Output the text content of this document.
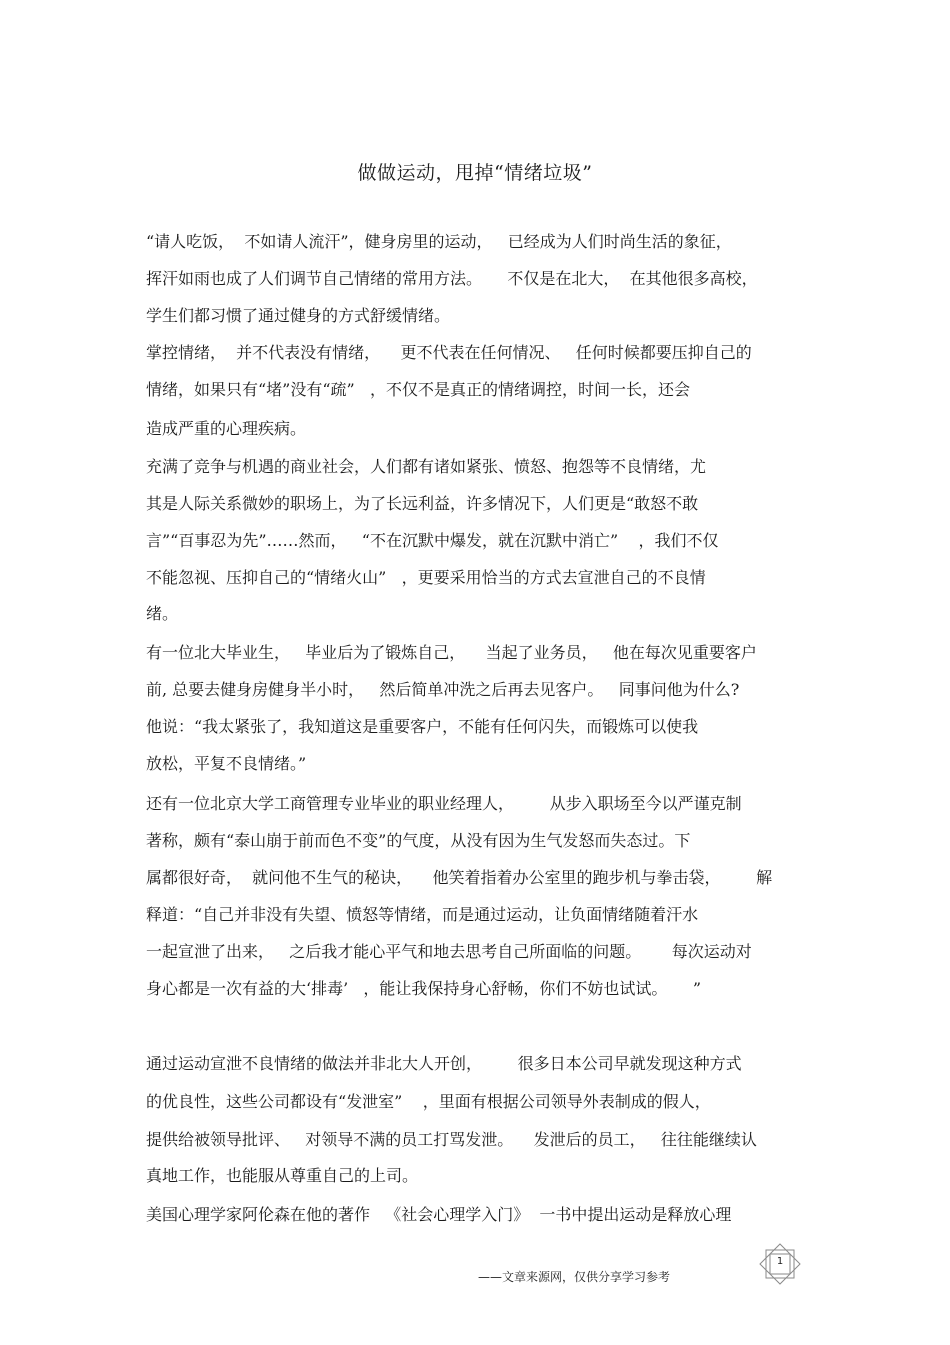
做做运动，甩掉“情绪垃圾”
“请人吃饭，  不如请人流汗”，健身房里的运动，   已经成为人们时尚生活的象征，
挥汗如雨也成了人们调节自己情绪的常用方法。     不仅是在北大，  在其他很多高校，
学生们都习惯了通过健身的方式舒缓情绪。
掌控情绪，  并不代表没有情绪，    更不代表在任何情况、   任何时候都要压抑自己的
情绪，如果只有“堵”没有“疏”   ，不仅不是真正的情绪调控，时间一长，还会
造成严重的心理疾病。
充满了竞争与机遇的商业社会，人们都有诸如紧张、愤怒、抱怨等不良情绪，尤
其是人际关系微妙的职场上，为了长远利益，许多情况下，人们更是“敢怒不敢
言”“百事忍为先”……然而，   “不在沉默中爆发，就在沉默中消亡”    ，我们不仅
不能忽视、压抑自己的“情绪火山”   ，更要采用恰当的方式去宣泄自己的不良情
绪。
有一位北大毕业生，   毕业后为了锻炼自己，    当起了业务员，   他在每次见重要客户
前, 总要去健身房健身半小时，   然后简单冲洗之后再去见客户。   同事问他为什么?
他说：“我太紧张了，我知道这是重要客户，不能有任何闪失，而锻炼可以使我
放松，平复不良情绪。”
还有一位北京大学工商管理专业毕业的职业经理人，       从步入职场至今以严谨克制
著称，颇有“泰山崩于前而色不变”的气度，从没有因为生气发怒而失态过。下
属都很好奇，  就问他不生气的秘诀，    他笑着指着办公室里的跑步机与拳击袋，       解
释道：“自己并非没有失望、愤怒等情绪，而是通过运动，让负面情绪随着汗水
一起宣泄了出来，   之后我才能心平气和地去思考自己所面临的问题。      每次运动对
身心都是一次有益的大‘排毒’   ，能让我保持身心舒畅，你们不妨也试试。     ”
通过运动宣泄不良情绪的做法并非北大人开创，       很多日本公司早就发现这种方式
的优良性，这些公司都设有“发泄室”    ，里面有根据公司领导外表制成的假人，
提供给被领导批评、   对领导不满的员工打骂发泄。    发泄后的员工，   往往能继续认
真地工作，也能服从尊重自己的上司。
美国心理学家阿伦森在他的著作   《社会心理学入门》  一书中提出运动是释放心理
——文章来源网，仅供分享学习参考
1
